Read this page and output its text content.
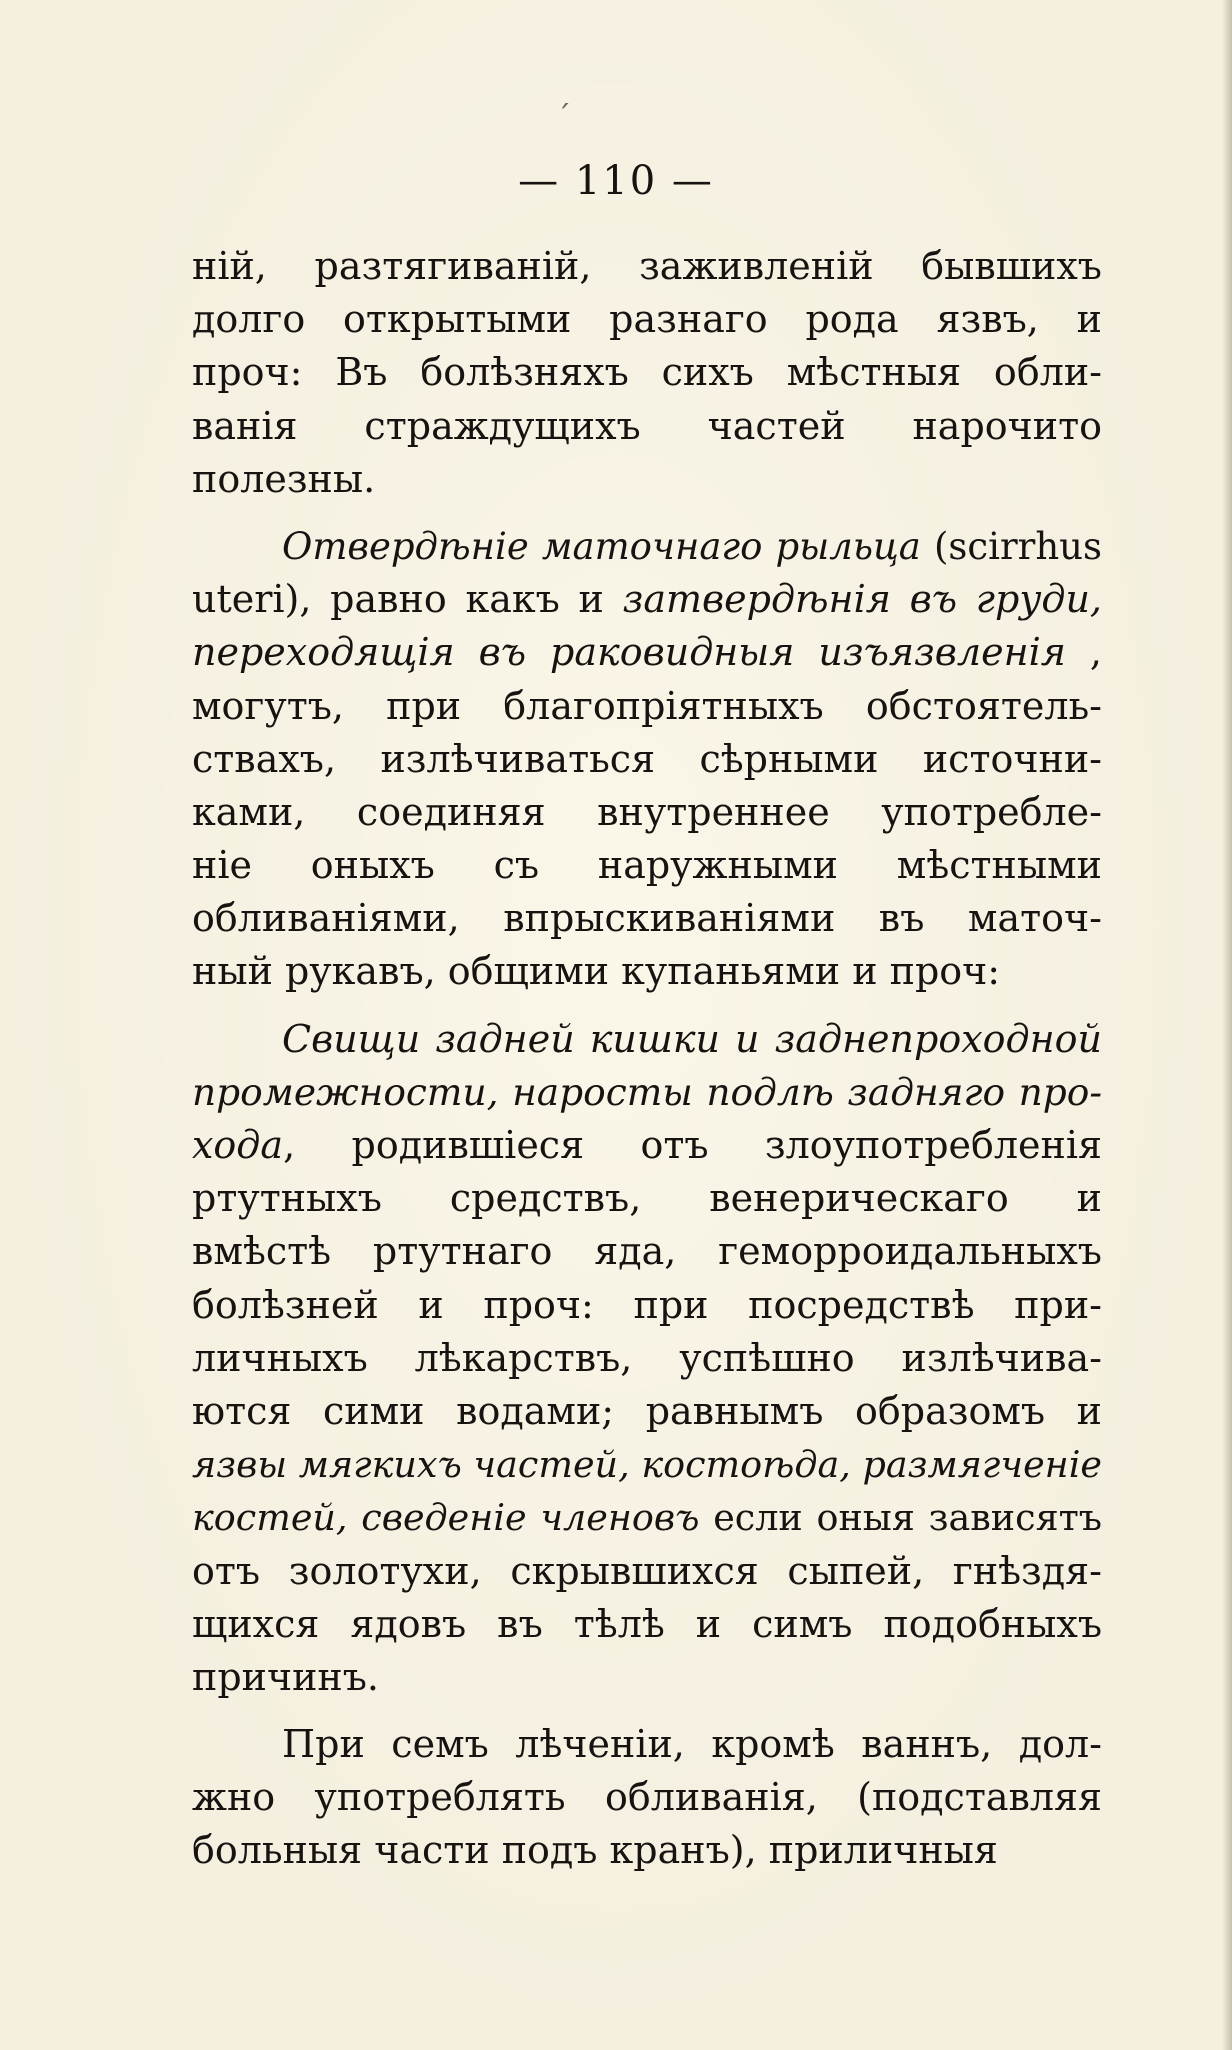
— 110 —
ній, разтягиваній, заживленій бывшихъ
долго открытыми разнаго рода язвъ, и
проч: Въ болѣзняхъ сихъ мѣстныя обли-
ванія страждущихъ частей нарочито
полезны.
Отвердѣніе маточнаго рыльца (scirrhus
uteri), равно какъ и затвердѣнія въ груди,
переходящія въ раковидныя изъязвленія ,
могутъ, при благопріятныхъ обстоятель-
ствахъ, излѣчиваться сѣрными источни-
ками, соединяя внутреннее употребле-
ніе оныхъ съ наружными мѣстными
обливаніями, впрыскиваніями въ маточ-
ный рукавъ, общими купаньями и проч:
Свищи задней кишки и заднепроходной
промежности, наросты подлѣ задняго про-
хода, родившіеся отъ злоупотребленія
ртутныхъ средствъ, венерическаго и
вмѣстѣ ртутнаго яда, геморроидальныхъ
болѣзней и проч: при посредствѣ при-
личныхъ лѣкарствъ, успѣшно излѣчива-
ются сими водами; равнымъ образомъ и
язвы мягкихъ частей, костоѣда, размягченіе
костей, сведеніе членовъ если оныя зависятъ
отъ золотухи, скрывшихся сыпей, гнѣздя-
щихся ядовъ въ тѣлѣ и симъ подобныхъ
причинъ.
При семъ лѣченіи, кромѣ ваннъ, дол-
жно употреблять обливанія, (подставляя
больныя части подъ кранъ), приличныя
ˊ
